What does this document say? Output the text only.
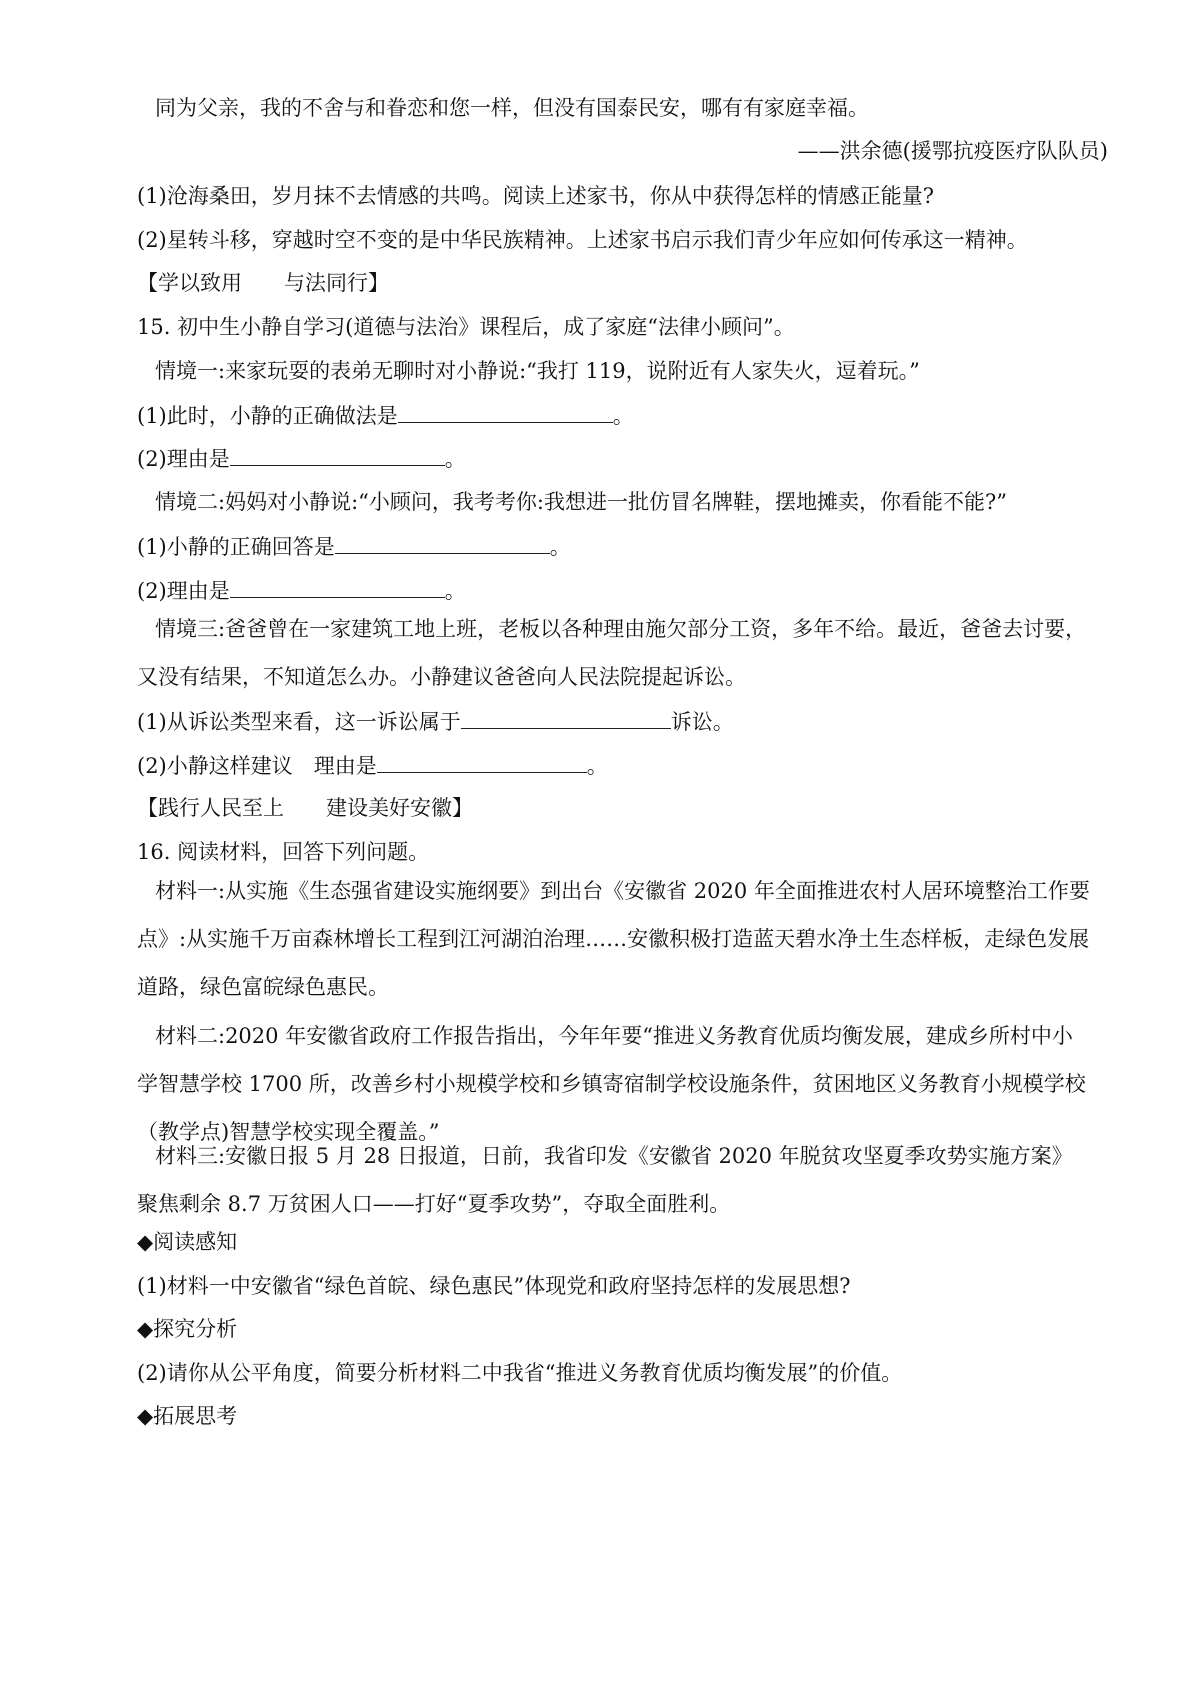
同为父亲，我的不舍与和眷恋和您一样，但没有国泰民安，哪有有家庭幸福。
——洪余德(援鄂抗疫医疗队队员)
(1)沧海桑田，岁月抹不去情感的共鸣。阅读上述家书，你从中获得怎样的情感正能量?
(2)星转斗移，穿越时空不变的是中华民族精神。上述家书启示我们青少年应如何传承这一精神。
【学以致用　　与法同行】
15. 初中生小静自学习(道德与法治》课程后，成了家庭“法律小顾问”。
情境一:来家玩耍的表弟无聊时对小静说:“我打 119，说附近有人家失火，逗着玩。”
(1)此时，小静的正确做法是	。
(2)理由是	。
情境二:妈妈对小静说:“小顾问，我考考你:我想进一批仿冒名牌鞋，摆地摊卖，你看能不能?”
(1)小静的正确回答是	。
(2)理由是	。
情境三:爸爸曾在一家建筑工地上班，老板以各种理由施欠部分工资，多年不给。最近，爸爸去讨要，又没有结果，不知道怎么办。小静建议爸爸向人民法院提起诉讼。
(1)从诉讼类型来看，这一诉讼属于	诉讼。
(2)小静这样建议　理由是	。
【践行人民至上　　建设美好安徽】
16. 阅读材料，回答下列问题。
材料一:从实施《生态强省建设实施纲要》到出台《安徽省 2020 年全面推进农村人居环境整治工作要点》:从实施千万亩森林增长工程到江河湖泊治理……安徽积极打造蓝天碧水净土生态样板，走绿色发展道路，绿色富皖绿色惠民。
材料二:2020 年安徽省政府工作报告指出，今年年要“推进义务教育优质均衡发展，建成乡所村中小学智慧学校 1700 所，改善乡村小规模学校和乡镇寄宿制学校设施条件，贫困地区义务教育小规模学校（教学点)智慧学校实现全覆盖。”
材料三:安徽日报 5 月 28 日报道，日前，我省印发《安徽省 2020 年脱贫攻坚夏季攻势实施方案》聚焦剩余 8.7 万贫困人口——打好“夏季攻势”，夺取全面胜利。
◆阅读感知
(1)材料一中安徽省“绿色首皖、绿色惠民”体现党和政府坚持怎样的发展思想?
◆探究分析
(2)请你从公平角度，简要分析材料二中我省“推进义务教育优质均衡发展”的价值。
◆拓展思考
